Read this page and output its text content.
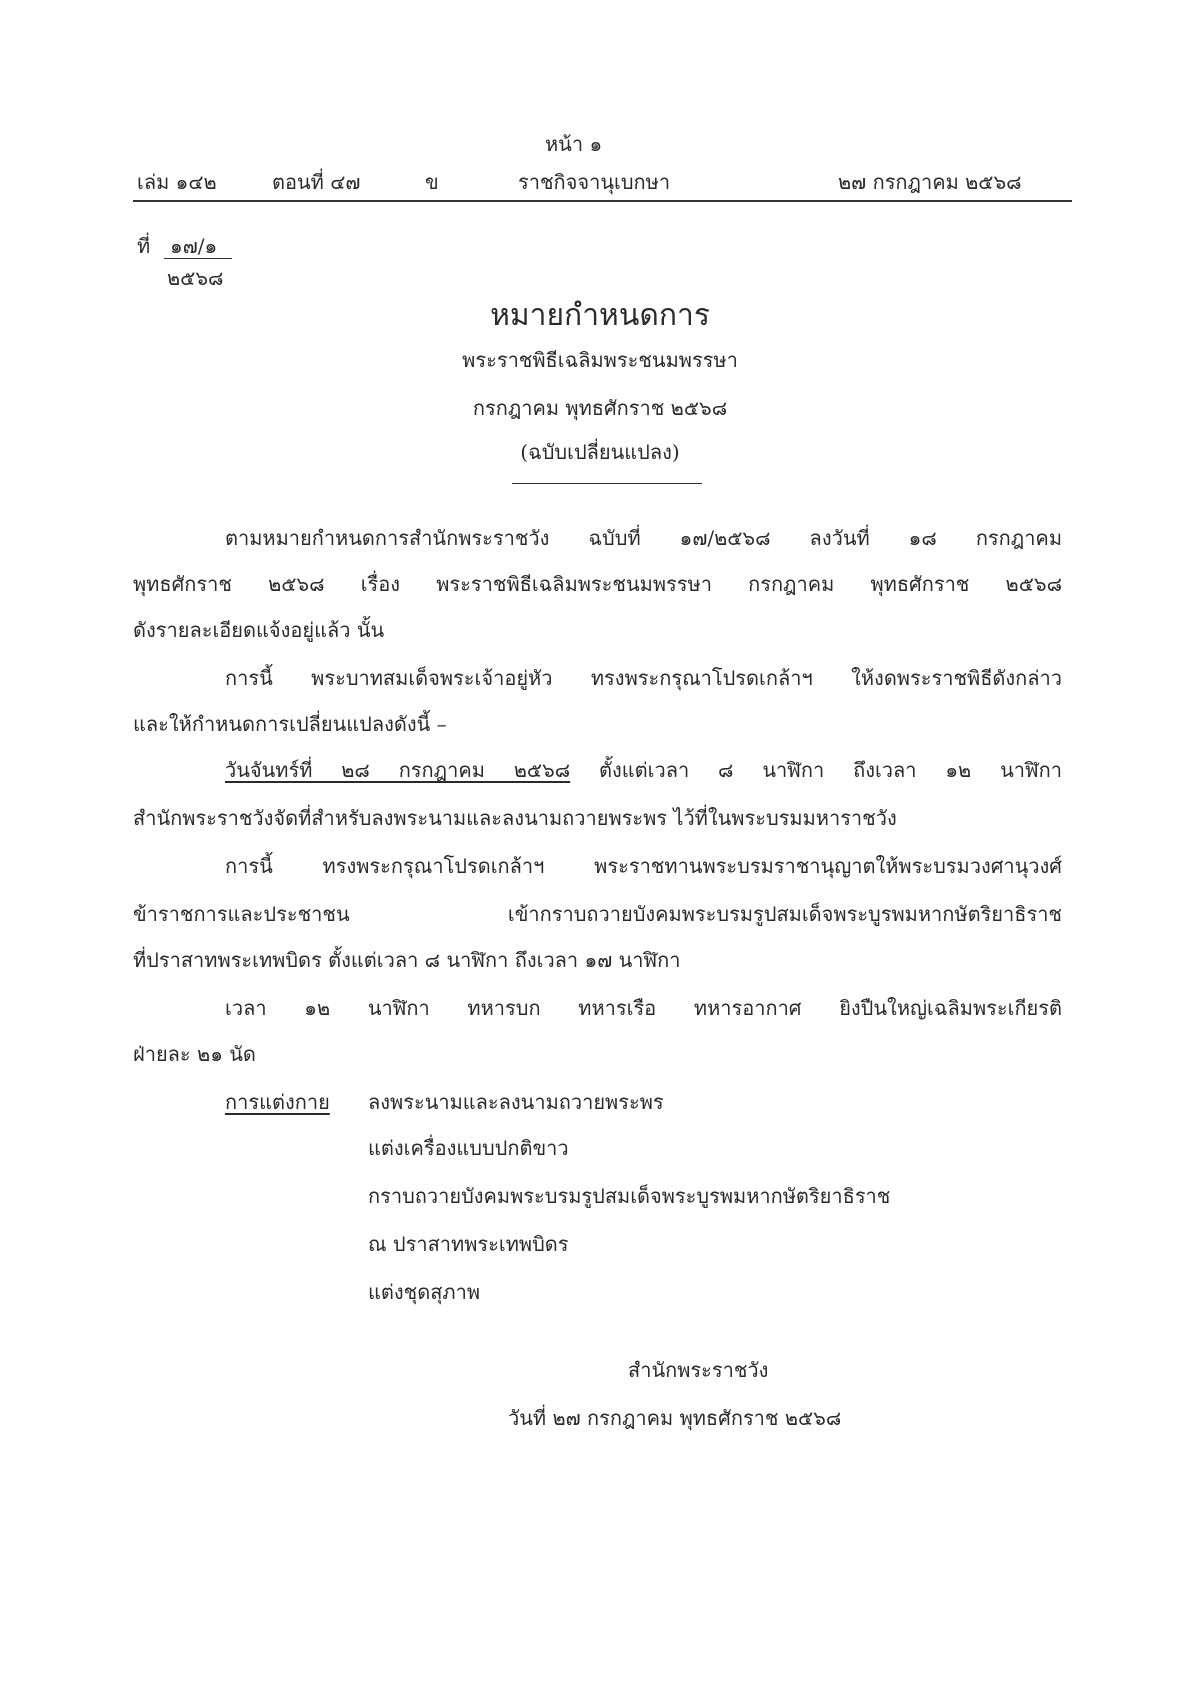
หน้า ๑
เล่ม ๑๔๒	ตอนที่ ๔๗	ข	ราชกิจจานุเบกษา	๒๗ กรกฎาคม ๒๕๖๘
ที่ ๑๗/๑
๒๕๖๘
หมายกำหนดการ
พระราชพิธีเฉลิมพระชนมพรรษา
กรกฎาคม พุทธศักราช ๒๕๖๘
(ฉบับเปลี่ยนแปลง)
ตามหมายกำหนดการสำนักพระราชวัง ฉบับที่ ๑๗/๒๕๖๘ ลงวันที่ ๑๘ กรกฎาคม
พุทธศักราช ๒๕๖๘ เรื่อง พระราชพิธีเฉลิมพระชนมพรรษา กรกฎาคม พุทธศักราช ๒๕๖๘
ดังรายละเอียดแจ้งอยู่แล้ว นั้น
การนี้ พระบาทสมเด็จพระเจ้าอยู่หัว ทรงพระกรุณาโปรดเกล้าฯ ให้งดพระราชพิธีดังกล่าว
และให้กำหนดการเปลี่ยนแปลงดังนี้ –
วันจันทร์ที่ ๒๘ กรกฎาคม ๒๕๖๘ ตั้งแต่เวลา ๘ นาฬิกา ถึงเวลา ๑๒ นาฬิกา
สำนักพระราชวังจัดที่สำหรับลงพระนามและลงนามถวายพระพร ไว้ที่ในพระบรมมหาราชวัง
การนี้ ทรงพระกรุณาโปรดเกล้าฯ พระราชทานพระบรมราชานุญาตให้พระบรมวงศานุวงศ์
ข้าราชการและประชาชน เข้ากราบถวายบังคมพระบรมรูปสมเด็จพระบูรพมหากษัตริยาธิราช
ที่ปราสาทพระเทพบิดร ตั้งแต่เวลา ๘ นาฬิกา ถึงเวลา ๑๗ นาฬิกา
เวลา ๑๒ นาฬิกา ทหารบก ทหารเรือ ทหารอากาศ ยิงปืนใหญ่เฉลิมพระเกียรติ
ฝ่ายละ ๒๑ นัด
การแต่งกาย ลงพระนามและลงนามถวายพระพร
แต่งเครื่องแบบปกติขาว
กราบถวายบังคมพระบรมรูปสมเด็จพระบูรพมหากษัตริยาธิราช
ณ ปราสาทพระเทพบิดร
แต่งชุดสุภาพ
สำนักพระราชวัง
วันที่ ๒๗ กรกฎาคม พุทธศักราช ๒๕๖๘
